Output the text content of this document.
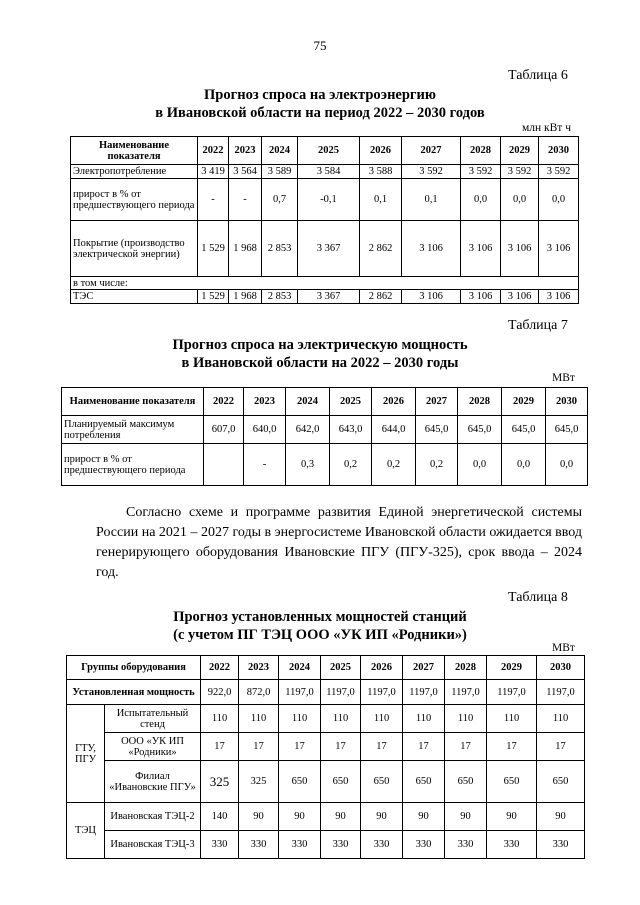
75
Таблица 6
Прогноз спроса на электроэнергию
в Ивановской области на период 2022 – 2030 годов
млн кВт ч
Наименование показателя	2022	2023	2024	2025	2026	2027	2028	2029	2030
Электропотребление	3 419	3 564	3 589	3 584	3 588	3 592	3 592	3 592	3 592
прирост в % от предшествующего периода	-	-	0,7	-0,1	0,1	0,1	0,0	0,0	0,0
Покрытие (производство электрической энергии)	1 529	1 968	2 853	3 367	2 862	3 106	3 106	3 106	3 106
в том числе:									
ТЭС	1 529	1 968	2 853	3 367	2 862	3 106	3 106	3 106	3 106
Таблица 7
Прогноз спроса на электрическую мощность
в Ивановской области на 2022 – 2030 годы
МВт
Наименование показателя	2022	2023	2024	2025	2026	2027	2028	2029	2030
Планируемый максимум потребления	607,0	640,0	642,0	643,0	644,0	645,0	645,0	645,0	645,0
прирост в % от предшествующего периода		-	0,3	0,2	0,2	0,2	0,0	0,0	0,0
Согласно схеме и программе развития Единой энергетической системы России на 2021 – 2027 годы в энергосистеме Ивановской области ожидается ввод генерирующего оборудования Ивановские ПГУ (ПГУ-325), срок ввода – 2024 год.
Таблица 8
Прогноз установленных мощностей станций
(с учетом ПГ ТЭЦ ООО «УК ИП «Родники»)
МВт
Группы оборудования		2022	2023	2024	2025	2026	2027	2028	2029	2030
Установленная мощность		922,0	872,0	1197,0	1197,0	1197,0	1197,0	1197,0	1197,0	1197,0
ГТУ, ПГУ	Испытательный стенд	110	110	110	110	110	110	110	110	110
	ООО «УК ИП «Родники»	17	17	17	17	17	17	17	17	17
	Филиал «Ивановские ПГУ»	325	325	650	650	650	650	650	650	650
ТЭЦ	Ивановская ТЭЦ-2	140	90	90	90	90	90	90	90	90
	Ивановская ТЭЦ-3	330	330	330	330	330	330	330	330	330
